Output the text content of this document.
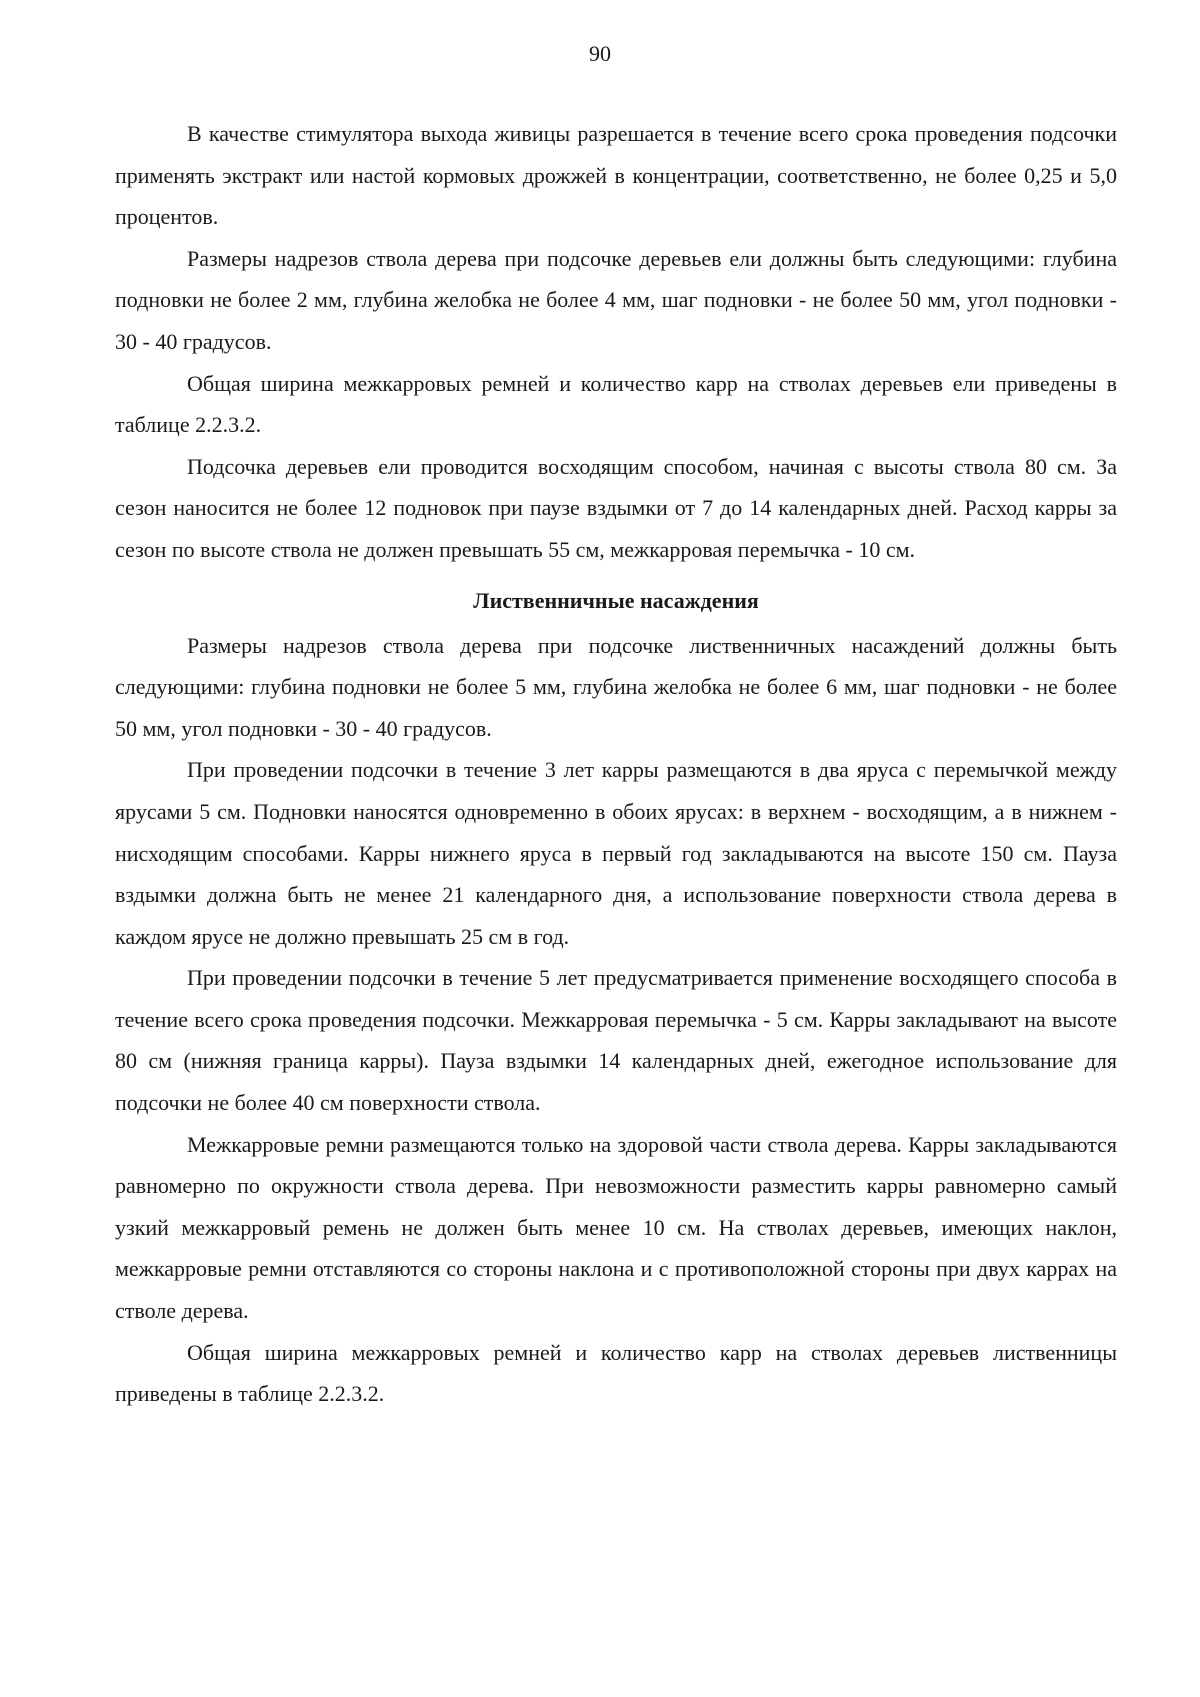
90

В качестве стимулятора выхода живицы разрешается в течение всего срока проведения подсочки применять экстракт или настой кормовых дрожжей в концентрации, соответственно, не более 0,25 и 5,0 процентов.

Размеры надрезов ствола дерева при подсочке деревьев ели должны быть следующими: глубина подновки не более 2 мм, глубина желобка не более 4 мм, шаг подновки - не более 50 мм, угол подновки - 30 - 40 градусов.

Общая ширина межкарровых ремней и количество карр на стволах деревьев ели приведены в таблице 2.2.3.2.

Подсочка деревьев ели проводится восходящим способом, начиная с высоты ствола 80 см. За сезон наносится не более 12 подновок при паузе вздымки от 7 до 14 календарных дней. Расход карры за сезон по высоте ствола не должен превышать 55 см, межкарровая перемычка - 10 см.

Лиственничные насаждения

Размеры надрезов ствола дерева при подсочке лиственничных насаждений должны быть следующими: глубина подновки не более 5 мм, глубина желобка не более 6 мм, шаг подновки - не более 50 мм, угол подновки - 30 - 40 градусов.

При проведении подсочки в течение 3 лет карры размещаются в два яруса с перемычкой между ярусами 5 см. Подновки наносятся одновременно в обоих ярусах: в верхнем - восходящим, а в нижнем - нисходящим способами. Карры нижнего яруса в первый год закладываются на высоте 150 см. Пауза вздымки должна быть не менее 21 календарного дня, а использование поверхности ствола дерева в каждом ярусе не должно превышать 25 см в год.

При проведении подсочки в течение 5 лет предусматривается применение восходящего способа в течение всего срока проведения подсочки. Межкарровая перемычка - 5 см. Карры закладывают на высоте 80 см (нижняя граница карры). Пауза вздымки 14 календарных дней, ежегодное использование для подсочки не более 40 см поверхности ствола.

Межкарровые ремни размещаются только на здоровой части ствола дерева. Карры закладываются равномерно по окружности ствола дерева. При невозможности разместить карры равномерно самый узкий межкарровый ремень не должен быть менее 10 см. На стволах деревьев, имеющих наклон, межкарровые ремни отставляются со стороны наклона и с противоположной стороны при двух каррах на стволе дерева.

Общая ширина межкарровых ремней и количество карр на стволах деревьев лиственницы приведены в таблице 2.2.3.2.
